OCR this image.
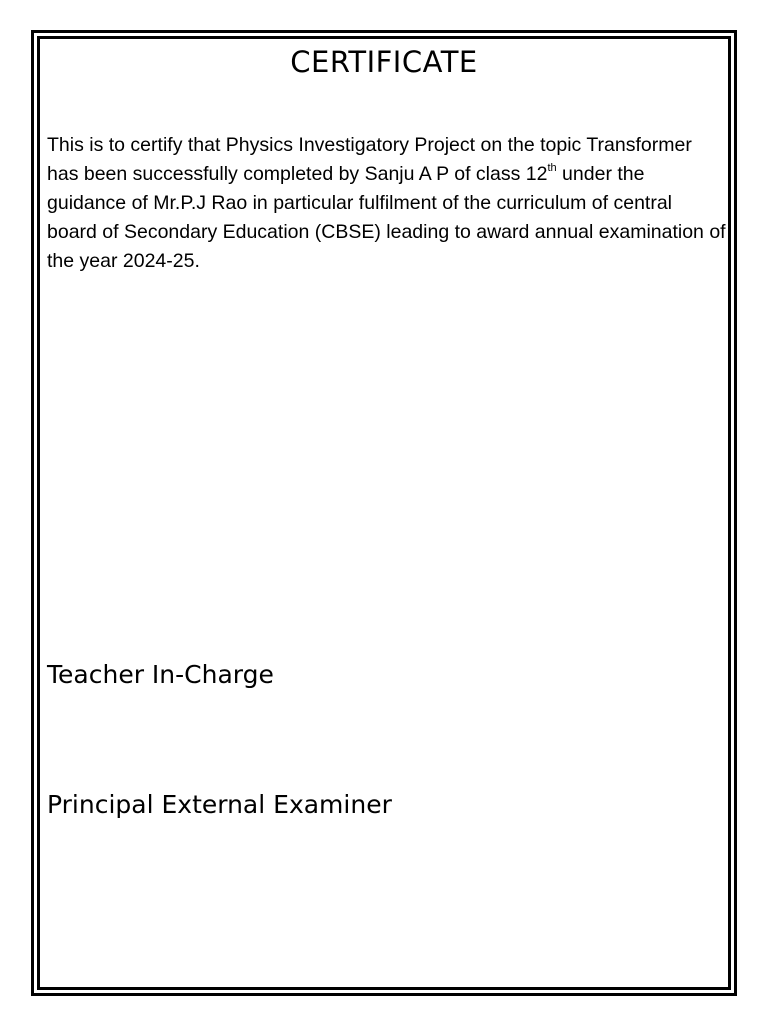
CERTIFICATE

This is to certify that Physics Investigatory Project on the topic Transformer has been successfully completed by Sanju A P of class 12th under the guidance of Mr.P.J Rao in particular fulfilment of the curriculum of central board of Secondary Education (CBSE) leading to award annual examination of the year 2024-25.

Teacher In-Charge
Principal External Examiner
